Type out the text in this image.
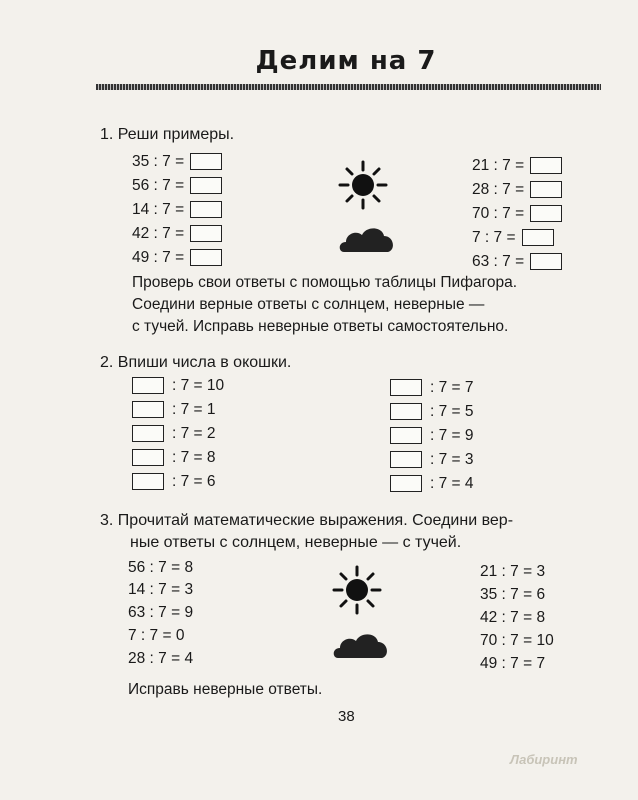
Делим на 7
1. Реши примеры.
35 : 7 =
56 : 7 =
14 : 7 =
42 : 7 =
49 : 7 =
21 : 7 =
28 : 7 =
70 : 7 =
7 : 7 =
63 : 7 =
Проверь свои ответы с помощью таблицы Пифагора.
Соедини верные ответы с солнцем, неверные —
с тучей. Исправь неверные ответы самостоятельно.
2. Впиши числа в окошки.
: 7 = 10
: 7 = 1
: 7 = 2
: 7 = 8
: 7 = 6
: 7 = 7
: 7 = 5
: 7 = 9
: 7 = 3
: 7 = 4
3. Прочитай математические выражения. Соедини вер-
ные ответы с солнцем, неверные — с тучей.
56 : 7 = 8
14 : 7 = 3
63 : 7 = 9
7 : 7 = 0
28 : 7 = 4
21 : 7 = 3
35 : 7 = 6
42 : 7 = 8
70 : 7 = 10
49 : 7 = 7
Исправь неверные ответы.
38
Лабиринт
